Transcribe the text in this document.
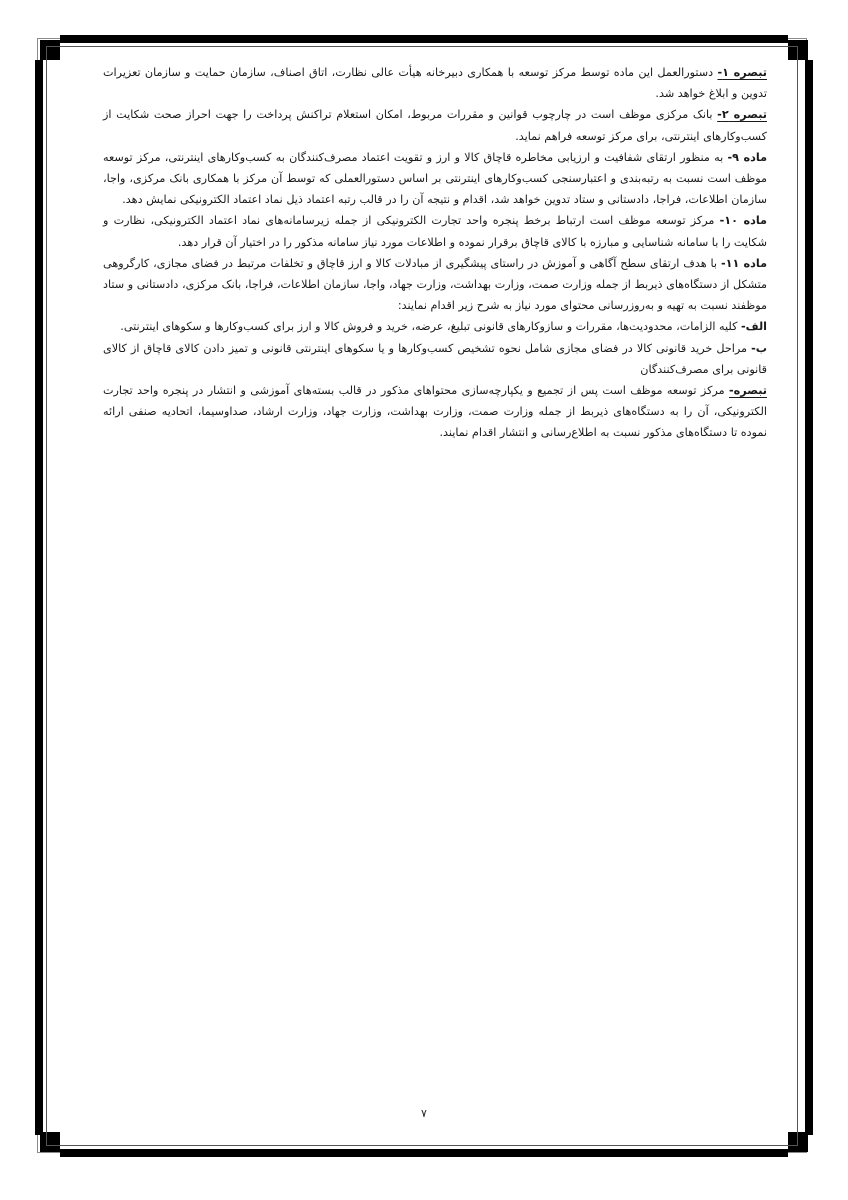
تبصره ۱- دستورالعمل این ماده توسط مرکز توسعه با همکاری دبیرخانه هیأت عالی نظارت، اتاق اصناف، سازمان حمایت و سازمان تعزیرات تدوین و ابلاغ خواهد شد.

تبصره ۲- بانک مرکزی موظف است در چارچوب قوانین و مقررات مربوط، امکان استعلام تراکنش پرداخت را جهت احراز صحت شکایت از کسب‌وکارهای اینترنتی، برای مرکز توسعه فراهم نماید.

ماده ۹- به منظور ارتقای شفافیت و ارزیابی مخاطره قاچاق کالا و ارز و تقویت اعتماد مصرف‌کنندگان به کسب‌وکارهای اینترنتی، مرکز توسعه موظف است نسبت به رتبه‌بندی و اعتبارسنجی کسب‌وکارهای اینترنتی بر اساس دستورالعملی که توسط آن مرکز با همکاری بانک مرکزی، واجا، سازمان اطلاعات، فراجا، دادستانی و ستاد تدوین خواهد شد، اقدام و نتیجه آن را در قالب رتبه اعتماد ذیل نماد اعتماد الکترونیکی نمایش دهد.

ماده ۱۰- مرکز توسعه موظف است ارتباط برخط پنجره واحد تجارت الکترونیکی از جمله زیرسامانه‌های نماد اعتماد الکترونیکی، نظارت و شکایت را با سامانه شناسایی و مبارزه با کالای قاچاق برقرار نموده و اطلاعات مورد نیاز سامانه مذکور را در اختیار آن قرار دهد.

ماده ۱۱- با هدف ارتقای سطح آگاهی و آموزش در راستای پیشگیری از مبادلات کالا و ارز قاچاق و تخلفات مرتبط در فضای مجازی، کارگروهی متشکل از دستگاه‌های ذیربط از جمله وزارت صمت، وزارت بهداشت، وزارت جهاد، واجا، سازمان اطلاعات، فراجا، بانک مرکزی، دادستانی و ستاد موظفند نسبت به تهیه و به‌روزرسانی محتوای مورد نیاز به شرح زیر اقدام نمایند:

الف- کلیه الزامات، محدودیت‌ها، مقررات و سازوکارهای قانونی تبلیغ، عرضه، خرید و فروش کالا و ارز برای کسب‌وکارها و سکوهای اینترنتی.

ب- مراحل خرید قانونی کالا در فضای مجازی شامل نحوه تشخیص کسب‌وکارها و یا سکوهای اینترنتی قانونی و تمیز دادن کالای قاچاق از کالای قانونی برای مصرف‌کنندگان

تبصره- مرکز توسعه موظف است پس از تجمیع و یکپارچه‌سازی محتواهای مذکور در قالب بسته‌های آموزشی و انتشار در پنجره واحد تجارت الکترونیکی، آن را به دستگاه‌های ذیربط از جمله وزارت صمت، وزارت بهداشت، وزارت جهاد، وزارت ارشاد، صداوسیما، اتحادیه صنفی ارائه نموده تا دستگاه‌های مذکور نسبت به اطلاع‌رسانی و انتشار اقدام نمایند.

۷
